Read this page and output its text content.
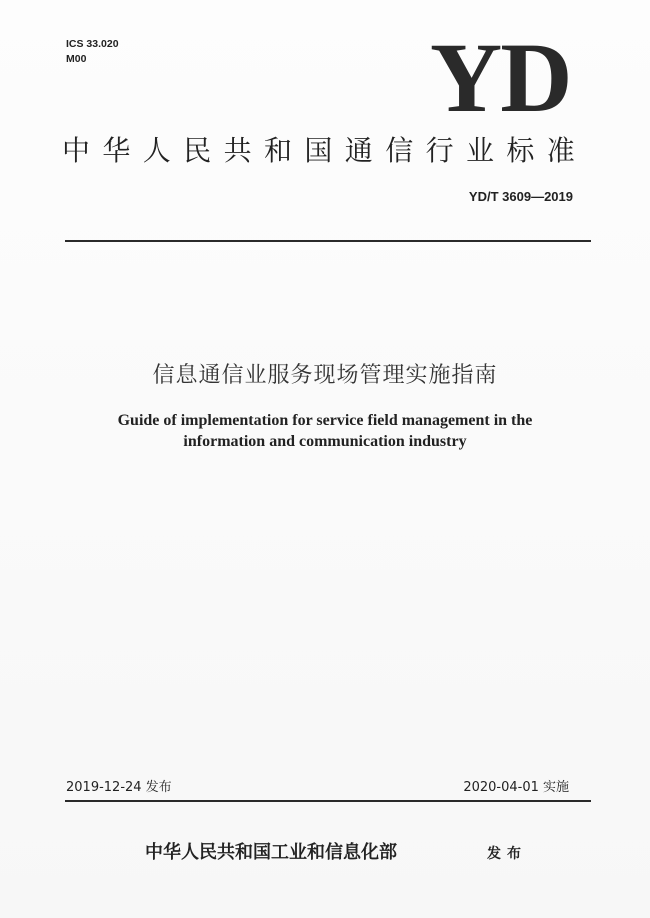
ICS 33.020
M00	YD
中华人民共和国通信行业标准
YD/T 3609—2019
信息通信业服务现场管理实施指南
Guide of implementation for service field management in the
information and communication industry
2019-12-24 发布	2020-04-01 实施
中华人民共和国工业和信息化部	发布
